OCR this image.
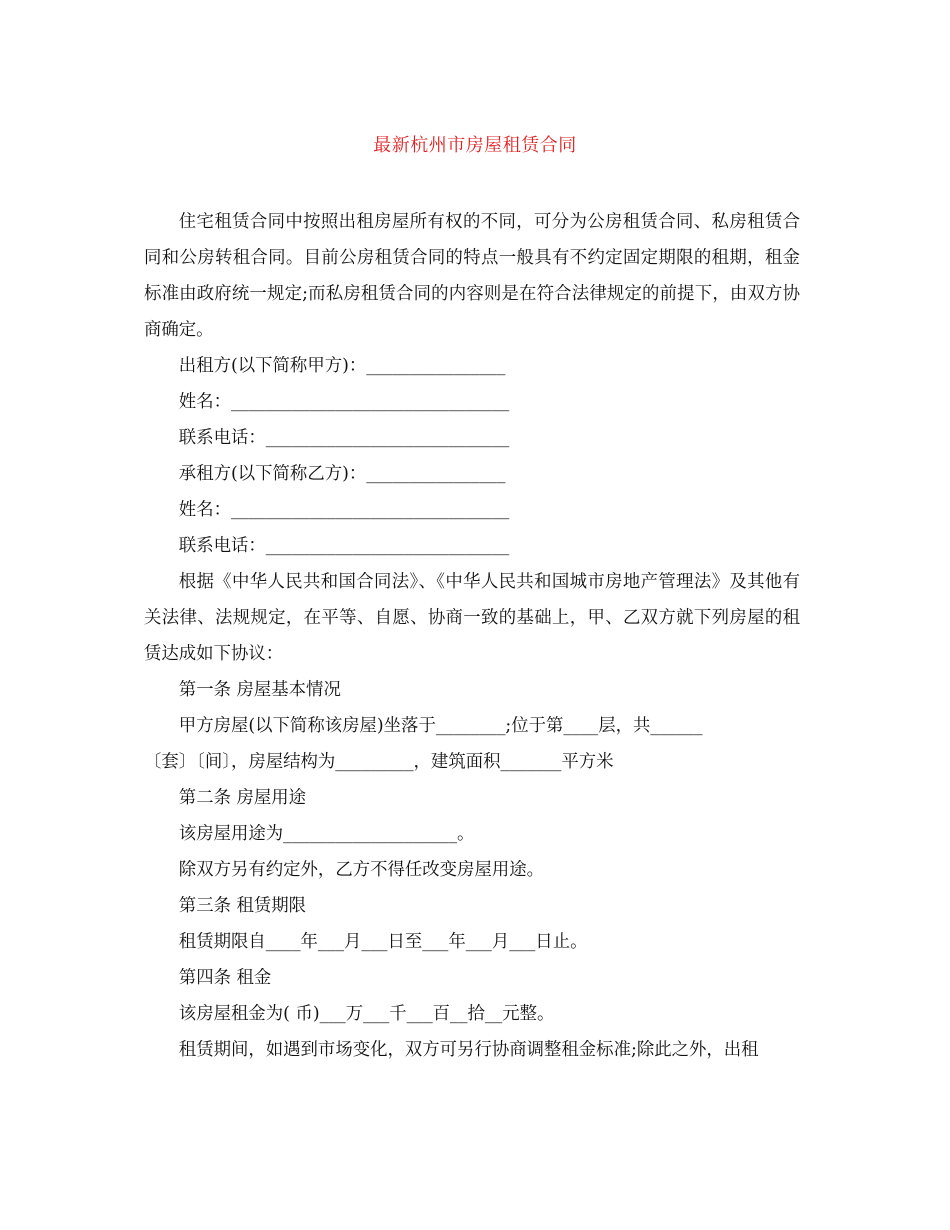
最新杭州市房屋租赁合同

住宅租赁合同中按照出租房屋所有权的不同，可分为公房租赁合同、私房租赁合同和公房转租合同。目前公房租赁合同的特点一般具有不约定固定期限的租期，租金标准由政府统一规定;而私房租赁合同的内容则是在符合法律规定的前提下，由双方协商确定。

出租方(以下简称甲方)：________________

姓名：________________________________

联系电话：____________________________

承租方(以下简称乙方)：________________

姓名：________________________________

联系电话：____________________________

根据《中华人民共和国合同法》、《中华人民共和国城市房地产管理法》及其他有关法律、法规规定，在平等、自愿、协商一致的基础上，甲、乙双方就下列房屋的租赁达成如下协议：

第一条 房屋基本情况

甲方房屋(以下简称该房屋)坐落于________;位于第____层，共______

〔套〕〔间〕，房屋结构为_________，建筑面积_______平方米

第二条 房屋用途

该房屋用途为____________________。

除双方另有约定外，乙方不得任改变房屋用途。

第三条 租赁期限

租赁期限自____年___月___日至___年___月___日止。

第四条 租金

该房屋租金为( 币)___万___千___百__拾__元整。

租赁期间，如遇到市场变化，双方可另行协商调整租金标准;除此之外，出租
